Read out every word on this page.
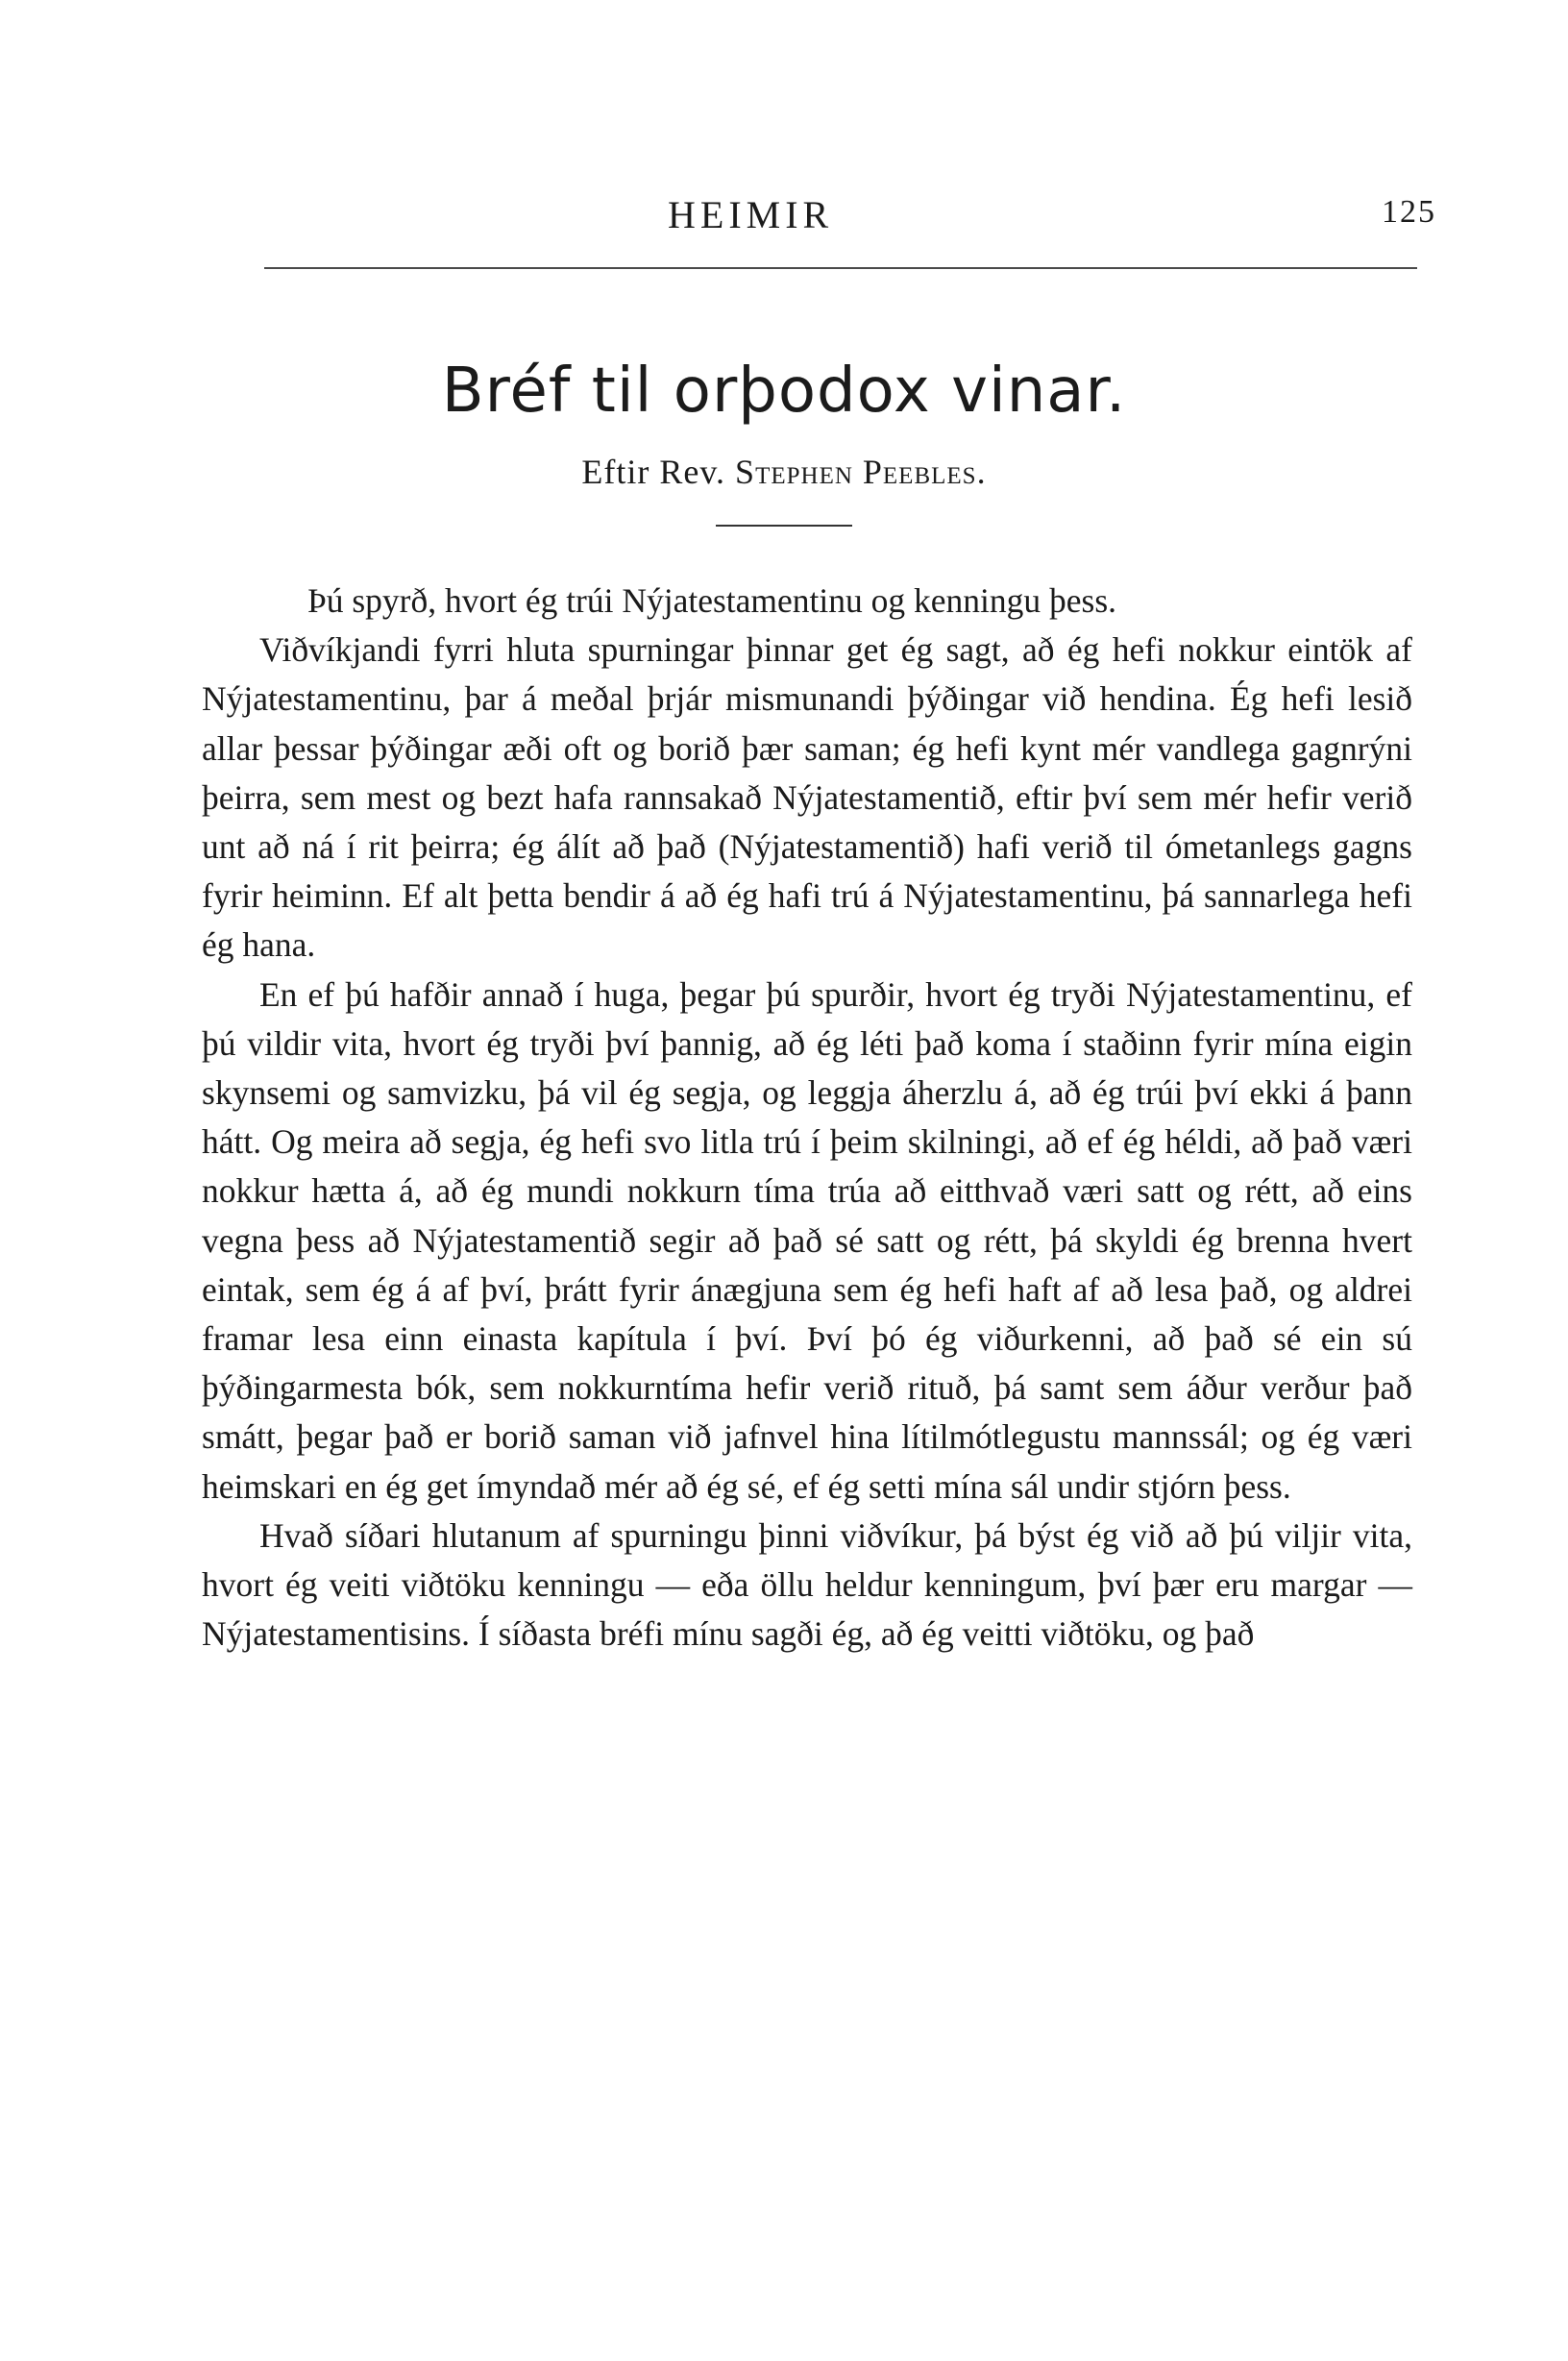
HEIMIR	125
Bréf til orþodox vinar.
Eftir Rev. Stephen Peebles.

Þú spyrð, hvort ég trúi Nýjatestamentinu og kenningu þess.

Viðvíkjandi fyrri hluta spurningar þinnar get ég sagt, að ég hefi nokkur eintök af Nýjatestamentinu, þar á meðal þrjár mismunandi þýðingar við hendina. Ég hefi lesið allar þessar þýðingar æði oft og borið þær saman; ég hefi kynt mér vandlega gagnrýni þeirra, sem mest og bezt hafa rannsakað Nýjatestamentið, eftir því sem mér hefir verið unt að ná í rit þeirra; ég álít að það (Nýjatestamentið) hafi verið til ómetanlegs gagns fyrir heiminn. Ef alt þetta bendir á að ég hafi trú á Nýjatestamentinu, þá sannarlega hefi ég hana.

En ef þú hafðir annað í huga, þegar þú spurðir, hvort ég tryði Nýjatestamentinu, ef þú vildir vita, hvort ég tryði því þannig, að ég léti það koma í staðinn fyrir mína eigin skynsemi og samvizku, þá vil ég segja, og leggja áherzlu á, að ég trúi því ekki á þann hátt. Og meira að segja, ég hefi svo litla trú í þeim skilningi, að ef ég héldi, að það væri nokkur hætta á, að ég mundi nokkurn tíma trúa að eitthvað væri satt og rétt, að eins vegna þess að Nýjatestamentið segir að það sé satt og rétt, þá skyldi ég brenna hvert eintak, sem ég á af því, þrátt fyrir ánægjuna sem ég hefi haft af að lesa það, og aldrei framar lesa einn einasta kapítula í því. Því þó ég viðurkenni, að það sé ein sú þýðingarmesta bók, sem nokkurntíma hefir verið rituð, þá samt sem áður verður það smátt, þegar það er borið saman við jafnvel hina lítilmótlegustu mannssál; og ég væri heimskari en ég get ímyndað mér að ég sé, ef ég setti mína sál undir stjórn þess.

Hvað síðari hlutanum af spurningu þinni viðvíkur, þá býst ég við að þú viljir vita, hvort ég veiti viðtöku kenningu — eða öllu heldur kenningum, því þær eru margar — Nýjatestamentisins. Í síðasta bréfi mínu sagði ég, að ég veitti viðtöku, og það
